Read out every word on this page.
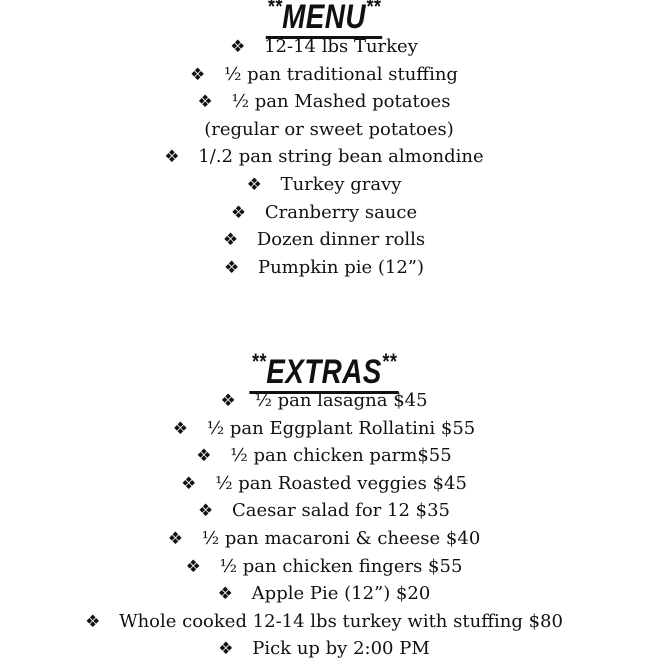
**MENU**
❖ 12-14 lbs Turkey
❖ ½ pan traditional stuffing
❖ ½ pan Mashed potatoes
(regular or sweet potatoes)
❖ 1/.2 pan string bean almondine
❖ Turkey gravy
❖ Cranberry sauce
❖ Dozen dinner rolls
❖ Pumpkin pie (12”)
**EXTRAS**
❖ ½ pan lasagna $45
❖ ½ pan Eggplant Rollatini $55
❖ ½ pan chicken parm$55
❖ ½ pan Roasted veggies $45
❖ Caesar salad for 12 $35
❖ ½ pan macaroni & cheese $40
❖ ½ pan chicken fingers $55
❖ Apple Pie (12”) $20
❖ Whole cooked 12-14 lbs turkey with stuffing $80
❖ Pick up by 2:00 PM
